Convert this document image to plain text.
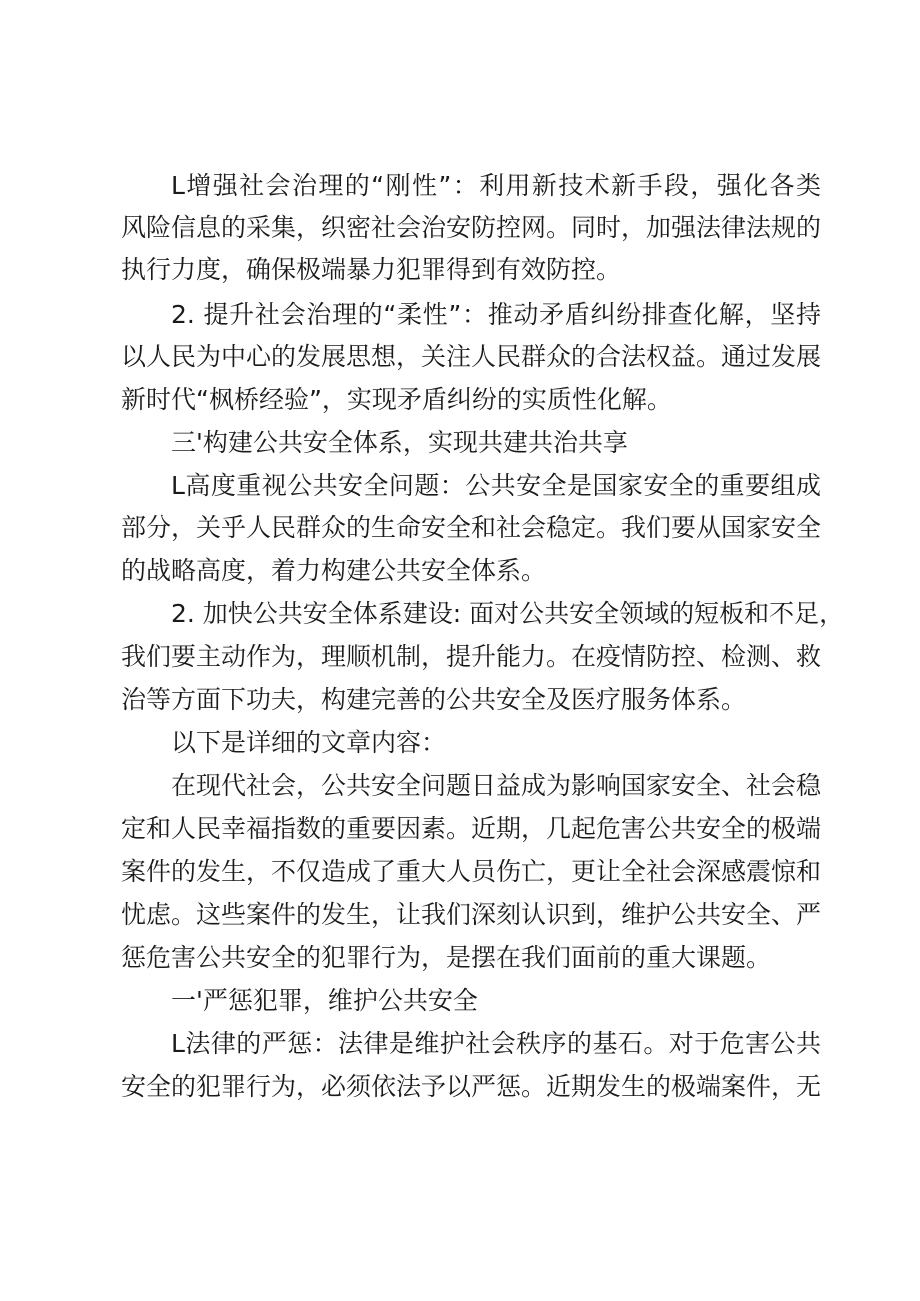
L增强社会治理的“刚性”：利用新技术新手段，强化各类
风险信息的采集，织密社会治安防控网。同时，加强法律法规的
执行力度，确保极端暴力犯罪得到有效防控。
2. 提升社会治理的“柔性”：推动矛盾纠纷排查化解，坚持
以人民为中心的发展思想，关注人民群众的合法权益。通过发展
新时代“枫桥经验”，实现矛盾纠纷的实质性化解。
三'构建公共安全体系，实现共建共治共享
L高度重视公共安全问题：公共安全是国家安全的重要组成
部分，关乎人民群众的生命安全和社会稳定。我们要从国家安全
的战略高度，着力构建公共安全体系。
2. 加快公共安全体系建设: 面对公共安全领域的短板和不足，
我们要主动作为，理顺机制，提升能力。在疫情防控、检测、救
治等方面下功夫，构建完善的公共安全及医疗服务体系。
以下是详细的文章内容：
在现代社会，公共安全问题日益成为影响国家安全、社会稳
定和人民幸福指数的重要因素。近期，几起危害公共安全的极端
案件的发生，不仅造成了重大人员伤亡，更让全社会深感震惊和
忧虑。这些案件的发生，让我们深刻认识到，维护公共安全、严
惩危害公共安全的犯罪行为，是摆在我们面前的重大课题。
一'严惩犯罪，维护公共安全
L法律的严惩：法律是维护社会秩序的基石。对于危害公共
安全的犯罪行为，必须依法予以严惩。近期发生的极端案件，无
